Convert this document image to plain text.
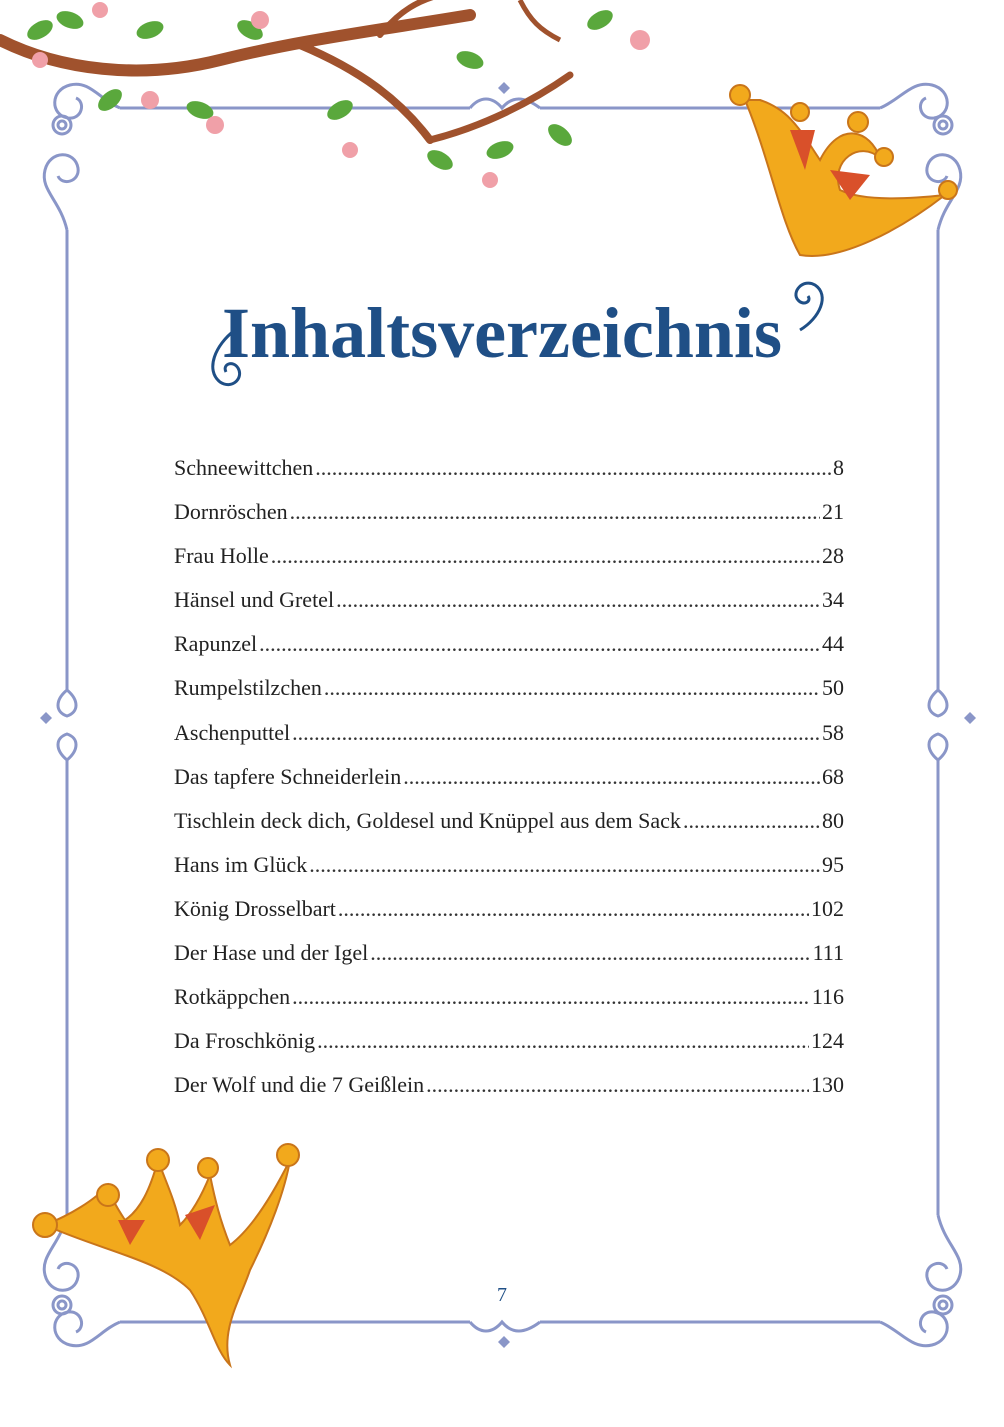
Inhaltsverzeichnis
Schneewittchen .....	8
Dornröschen .....	21
Frau Holle .....	28
Hänsel und Gretel .....	34
Rapunzel .....	44
Rumpelstilzchen .....	50
Aschenputtel .....	58
Das tapfere Schneiderlein .....	68
Tischlein deck dich, Goldesel und Knüppel aus dem Sack .....	80
Hans im Glück .....	95
König Drosselbart .....	102
Der Hase und der Igel .....	111
Rotkäppchen .....	116
Da Froschkönig .....	124
Der Wolf und die 7 Geißlein .....	130
7
